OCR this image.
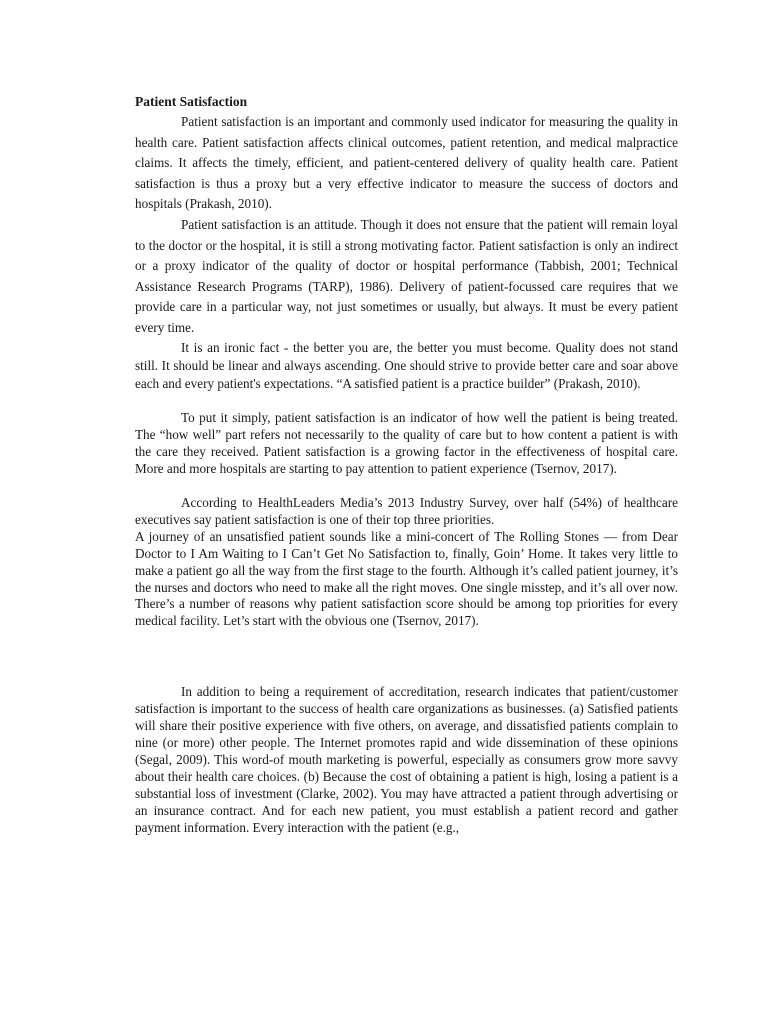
Patient Satisfaction

Patient satisfaction is an important and commonly used indicator for measuring the quality in health care. Patient satisfaction affects clinical outcomes, patient retention, and medical malpractice claims. It affects the timely, efficient, and patient-centered delivery of quality health care. Patient satisfaction is thus a proxy but a very effective indicator to measure the success of doctors and hospitals (Prakash, 2010).

Patient satisfaction is an attitude. Though it does not ensure that the patient will remain loyal to the doctor or the hospital, it is still a strong motivating factor. Patient satisfaction is only an indirect or a proxy indicator of the quality of doctor or hospital performance (Tabbish, 2001; Technical Assistance Research Programs (TARP), 1986). Delivery of patient-focussed care requires that we provide care in a particular way, not just sometimes or usually, but always. It must be every patient every time.

It is an ironic fact - the better you are, the better you must become. Quality does not stand still. It should be linear and always ascending. One should strive to provide better care and soar above each and every patient's expectations. “A satisfied patient is a practice builder” (Prakash, 2010).

To put it simply, patient satisfaction is an indicator of how well the patient is being treated. The “how well” part refers not necessarily to the quality of care but to how content a patient is with the care they received. Patient satisfaction is a growing factor in the effectiveness of hospital care. More and more hospitals are starting to pay attention to patient experience (Tsernov, 2017).

According to HealthLeaders Media’s 2013 Industry Survey, over half (54%) of healthcare executives say patient satisfaction is one of their top three priorities.

A journey of an unsatisfied patient sounds like a mini-concert of The Rolling Stones — from Dear Doctor to I Am Waiting to I Can’t Get No Satisfaction to, finally, Goin’ Home. It takes very little to make a patient go all the way from the first stage to the fourth. Although it’s called patient journey, it’s the nurses and doctors who need to make all the right moves. One single misstep, and it’s all over now. There’s a number of reasons why patient satisfaction score should be among top priorities for every medical facility. Let’s start with the obvious one (Tsernov, 2017).

In addition to being a requirement of accreditation, research indicates that patient/customer satisfaction is important to the success of health care organizations as businesses. (a) Satisfied patients will share their positive experience with five others, on average, and dissatisfied patients complain to nine (or more) other people. The Internet promotes rapid and wide dissemination of these opinions (Segal, 2009). This word-of mouth marketing is powerful, especially as consumers grow more savvy about their health care choices. (b) Because the cost of obtaining a patient is high, losing a patient is a substantial loss of investment (Clarke, 2002). You may have attracted a patient through advertising or an insurance contract. And for each new patient, you must establish a patient record and gather payment information. Every interaction with the patient (e.g.,
